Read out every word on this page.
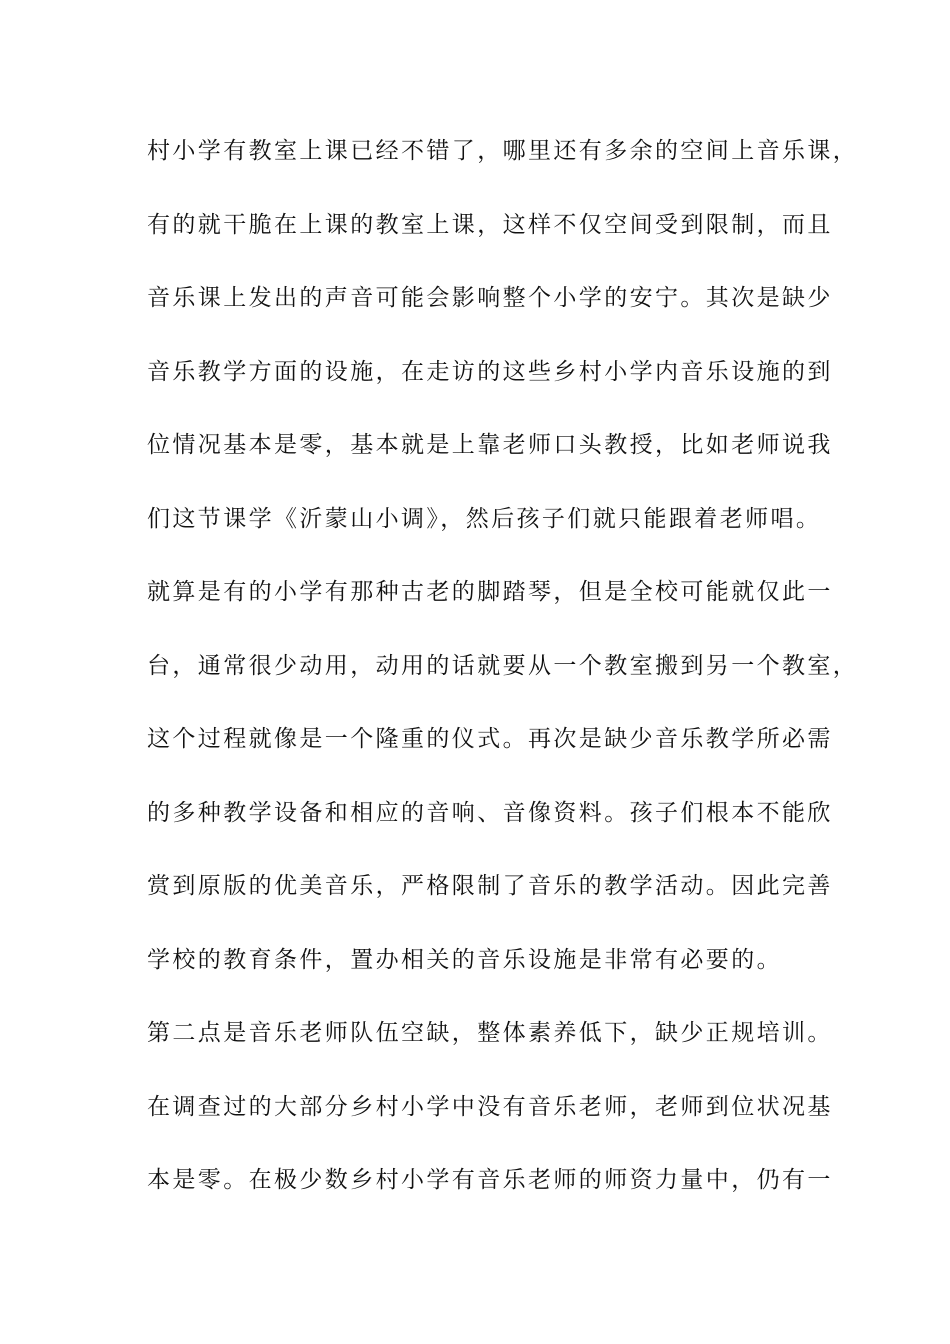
村小学有教室上课已经不错了，哪里还有多余的空间上音乐课，
有的就干脆在上课的教室上课，这样不仅空间受到限制，而且
音乐课上发出的声音可能会影响整个小学的安宁。其次是缺少
音乐教学方面的设施，在走访的这些乡村小学内音乐设施的到
位情况基本是零，基本就是上靠老师口头教授，比如老师说我
们这节课学《沂蒙山小调》，然后孩子们就只能跟着老师唱。
就算是有的小学有那种古老的脚踏琴，但是全校可能就仅此一
台，通常很少动用，动用的话就要从一个教室搬到另一个教室，
这个过程就像是一个隆重的仪式。再次是缺少音乐教学所必需
的多种教学设备和相应的音响、音像资料。孩子们根本不能欣
赏到原版的优美音乐，严格限制了音乐的教学活动。因此完善
学校的教育条件，置办相关的音乐设施是非常有必要的。
第二点是音乐老师队伍空缺，整体素养低下，缺少正规培训。
在调查过的大部分乡村小学中没有音乐老师，老师到位状况基
本是零。在极少数乡村小学有音乐老师的师资力量中，仍有一
